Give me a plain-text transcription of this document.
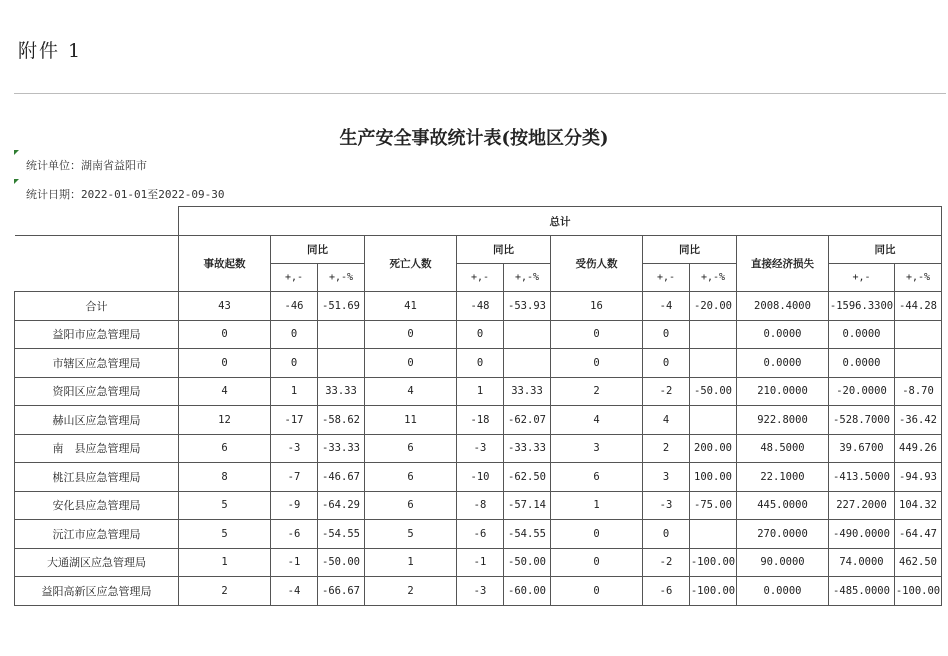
附件 1
生产安全事故统计表(按地区分类)
统计单位：湖南省益阳市
统计日期：2022-01-01至2022-09-30
	总计											
	事故起数	同比		死亡人数	同比		受伤人数	同比		直接经济损失	同比	
		+,-	+,-%		+,-	+,-%		+,-	+,-%		+,-	+,-%
合计	43	-46	-51.69	41	-48	-53.93	16	-4	-20.00	2008.4000	-1596.3300	-44.28
益阳市应急管理局	0	0		0	0		0	0		0.0000	0.0000	
市辖区应急管理局	0	0		0	0		0	0		0.0000	0.0000	
资阳区应急管理局	4	1	33.33	4	1	33.33	2	-2	-50.00	210.0000	-20.0000	-8.70
赫山区应急管理局	12	-17	-58.62	11	-18	-62.07	4	4		922.8000	-528.7000	-36.42
南　县应急管理局	6	-3	-33.33	6	-3	-33.33	3	2	200.00	48.5000	39.6700	449.26
桃江县应急管理局	8	-7	-46.67	6	-10	-62.50	6	3	100.00	22.1000	-413.5000	-94.93
安化县应急管理局	5	-9	-64.29	6	-8	-57.14	1	-3	-75.00	445.0000	227.2000	104.32
沅江市应急管理局	5	-6	-54.55	5	-6	-54.55	0	0		270.0000	-490.0000	-64.47
大通湖区应急管理局	1	-1	-50.00	1	-1	-50.00	0	-2	-100.00	90.0000	74.0000	462.50
益阳高新区应急管理局	2	-4	-66.67	2	-3	-60.00	0	-6	-100.00	0.0000	-485.0000	-100.00
